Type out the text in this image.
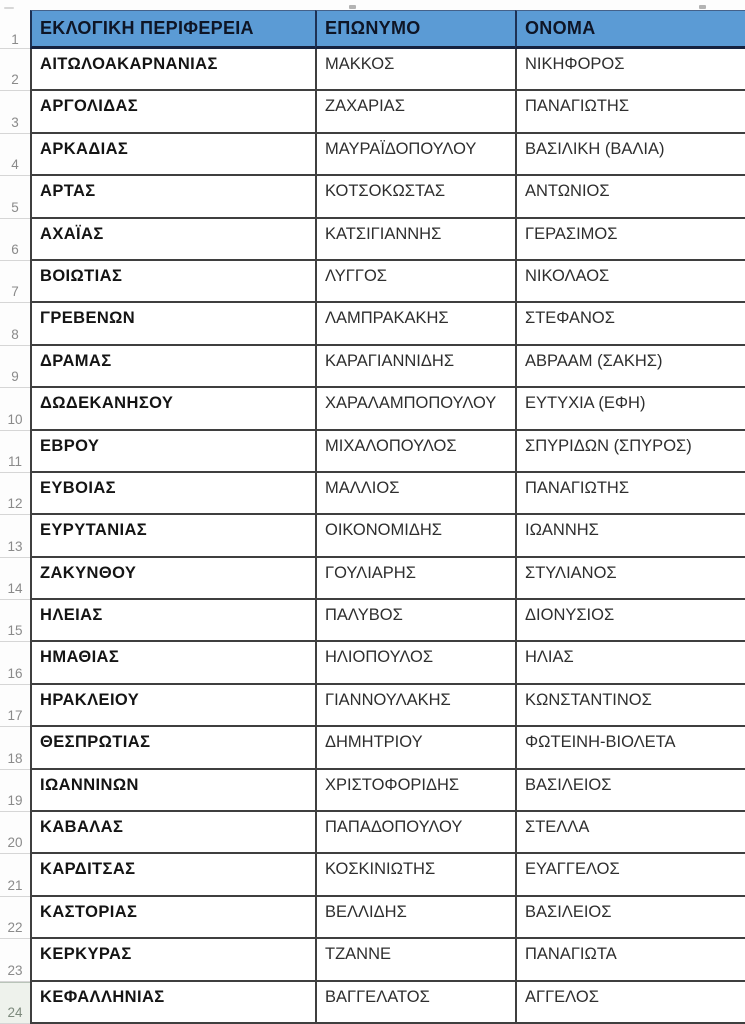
1
ΕΚΛΟΓΙΚΗ ΠΕΡΙΦΕΡΕΙΑ	ΕΠΩΝΥΜΟ	ΟΝΟΜΑ
2
ΑΙΤΩΛΟΑΚΑΡΝΑΝΙΑΣ	ΜΑΚΚΟΣ	ΝΙΚΗΦΟΡΟΣ
3
ΑΡΓΟΛΙΔΑΣ	ΖΑΧΑΡΙΑΣ	ΠΑΝΑΓΙΩΤΗΣ
4
ΑΡΚΑΔΙΑΣ	ΜΑΥΡΑΪΔΟΠΟΥΛΟΥ	ΒΑΣΙΛΙΚΗ (ΒΑΛΙΑ)
5
ΑΡΤΑΣ	ΚΟΤΣΟΚΩΣΤΑΣ	ΑΝΤΩΝΙΟΣ
6
ΑΧΑΪΑΣ	ΚΑΤΣΙΓΙΑΝΝΗΣ	ΓΕΡΑΣΙΜΟΣ
7
ΒΟΙΩΤΙΑΣ	ΛΥΓΓΟΣ	ΝΙΚΟΛΑΟΣ
8
ΓΡΕΒΕΝΩΝ	ΛΑΜΠΡΑΚΑΚΗΣ	ΣΤΕΦΑΝΟΣ
9
ΔΡΑΜΑΣ	ΚΑΡΑΓΙΑΝΝΙΔΗΣ	ΑΒΡΑΑΜ (ΣΑΚΗΣ)
10
ΔΩΔΕΚΑΝΗΣΟΥ	ΧΑΡΑΛΑΜΠΟΠΟΥΛΟΥ	ΕΥΤΥΧΙΑ (ΕΦΗ)
11
ΕΒΡΟΥ	ΜΙΧΑΛΟΠΟΥΛΟΣ	ΣΠΥΡΙΔΩΝ (ΣΠΥΡΟΣ)
12
ΕΥΒΟΙΑΣ	ΜΑΛΛΙΟΣ	ΠΑΝΑΓΙΩΤΗΣ
13
ΕΥΡΥΤΑΝΙΑΣ	ΟΙΚΟΝΟΜΙΔΗΣ	ΙΩΑΝΝΗΣ
14
ΖΑΚΥΝΘΟΥ	ΓΟΥΛΙΑΡΗΣ	ΣΤΥΛΙΑΝΟΣ
15
ΗΛΕΙΑΣ	ΠΑΛΥΒΟΣ	ΔΙΟΝΥΣΙΟΣ
16
ΗΜΑΘΙΑΣ	ΗΛΙΟΠΟΥΛΟΣ	ΗΛΙΑΣ
17
ΗΡΑΚΛΕΙΟΥ	ΓΙΑΝΝΟΥΛΑΚΗΣ	ΚΩΝΣΤΑΝΤΙΝΟΣ
18
ΘΕΣΠΡΩΤΙΑΣ	ΔΗΜΗΤΡΙΟΥ	ΦΩΤΕΙΝΗ-ΒΙΟΛΕΤΑ
19
ΙΩΑΝΝΙΝΩΝ	ΧΡΙΣΤΟΦΟΡΙΔΗΣ	ΒΑΣΙΛΕΙΟΣ
20
ΚΑΒΑΛΑΣ	ΠΑΠΑΔΟΠΟΥΛΟΥ	ΣΤΕΛΛΑ
21
ΚΑΡΔΙΤΣΑΣ	ΚΟΣΚΙΝΙΩΤΗΣ	ΕΥΑΓΓΕΛΟΣ
22
ΚΑΣΤΟΡΙΑΣ	ΒΕΛΛΙΔΗΣ	ΒΑΣΙΛΕΙΟΣ
23
ΚΕΡΚΥΡΑΣ	ΤΖΑΝΝΕ	ΠΑΝΑΓΙΩΤΑ
24
ΚΕΦΑΛΛΗΝΙΑΣ	ΒΑΓΓΕΛΑΤΟΣ	ΑΓΓΕΛΟΣ
